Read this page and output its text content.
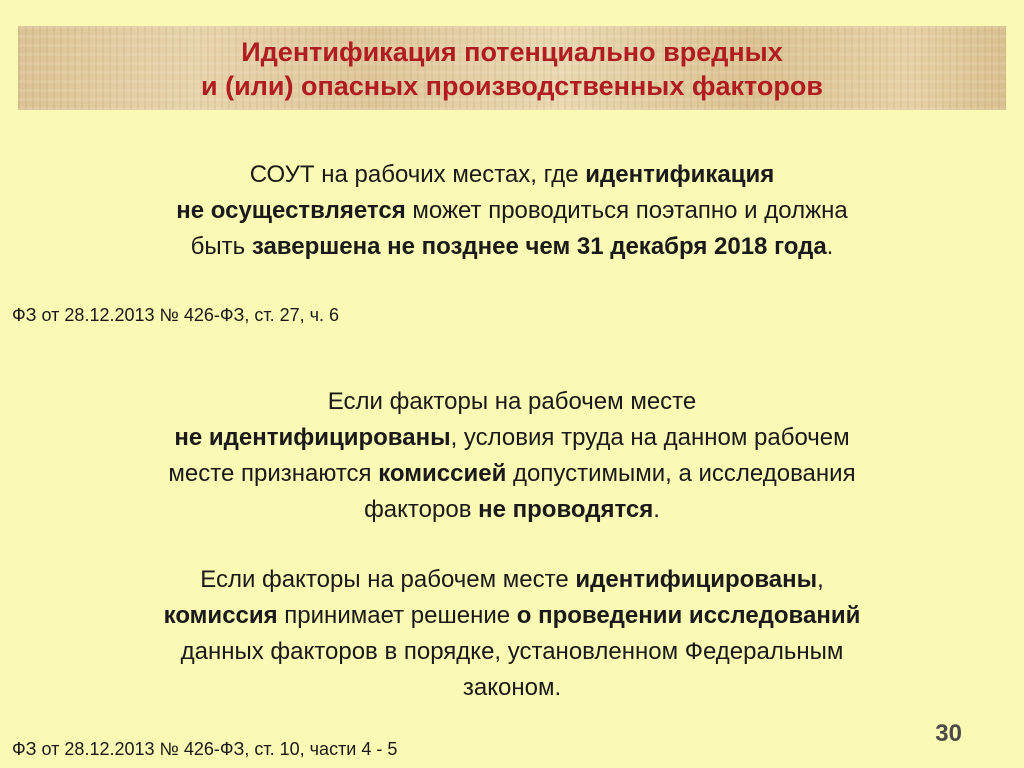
Идентификация потенциально вредных
и (или) опасных производственных факторов
СОУТ на рабочих местах, где идентификация
не осуществляется может проводиться поэтапно и должна
быть завершена не позднее чем 31 декабря 2018 года.
ФЗ от 28.12.2013 № 426-ФЗ, ст. 27, ч. 6
Если факторы на рабочем месте
не идентифицированы, условия труда на данном рабочем
месте признаются комиссией допустимыми, а исследования
факторов не проводятся.
Если факторы на рабочем месте идентифицированы,
комиссия принимает решение о проведении исследований
данных факторов в порядке, установленном Федеральным
законом.
ФЗ от 28.12.2013 № 426-ФЗ, ст. 10, части 4 - 5
30
